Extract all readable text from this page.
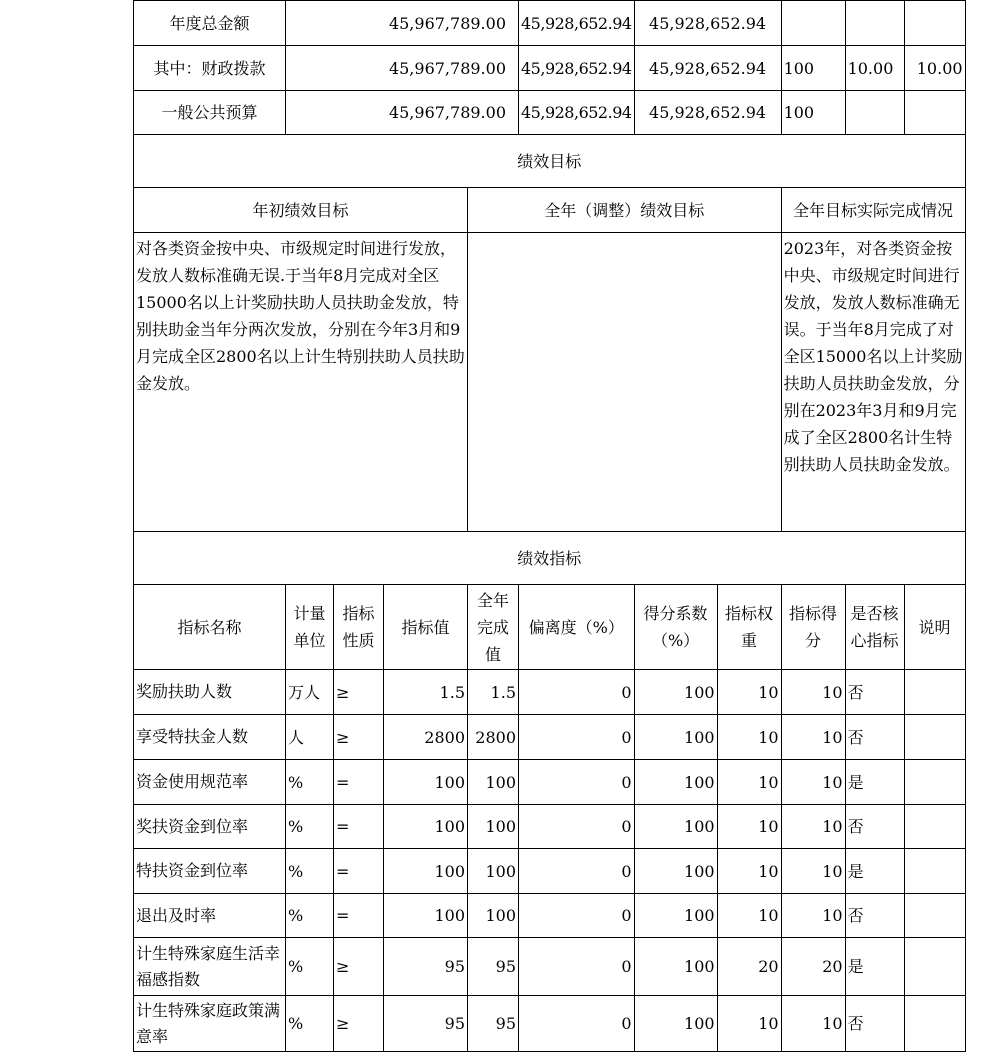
年度总金额	45,967,789.00				45,928,652.94	45,928,652.94				
其中：财政拨款	45,967,789.00				45,928,652.94	45,928,652.94		100	10.00	10.00
一般公共预算	45,967,789.00				45,928,652.94	45,928,652.94		100		
绩效目标										
年初绩效目标				全年（调整）绩效目标				全年目标实际完成情况		
对各类资金按中央、市级规定时间进行发放，发放人数标准确无误.于当年8月完成对全区15000名以上计奖励扶助人员扶助金发放，特别扶助金当年分两次发放，分别在今年3月和9月完成全区2800名以上计生特别扶助人员扶助金发放。								2023年，对各类资金按中央、市级规定时间进行发放，发放人数标准确无误。于当年8月完成了对全区15000名以上计奖励扶助人员扶助金发放，分别在2023年3月和9月完成了全区2800名计生特别扶助人员扶助金发放。		
绩效指标										
指标名称	计量单位	指标性质	指标值	全年完成值	偏离度（%）	得分系数（%）	指标权重	指标得分	是否核心指标	说明
奖励扶助人数	万人	≥	1.5	1.5	0	100	10	10	否	
享受特扶金人数	人	≥	2800	2800	0	100	10	10	否	
资金使用规范率	%	=	100	100	0	100	10	10	是	
奖扶资金到位率	%	=	100	100	0	100	10	10	否	
特扶资金到位率	%	=	100	100	0	100	10	10	是	
退出及时率	%	=	100	100	0	100	10	10	否	
计生特殊家庭生活幸福感指数	%	≥	95	95	0	100	20	20	是	
计生特殊家庭政策满意率	%	≥	95	95	0	100	10	10	否	
